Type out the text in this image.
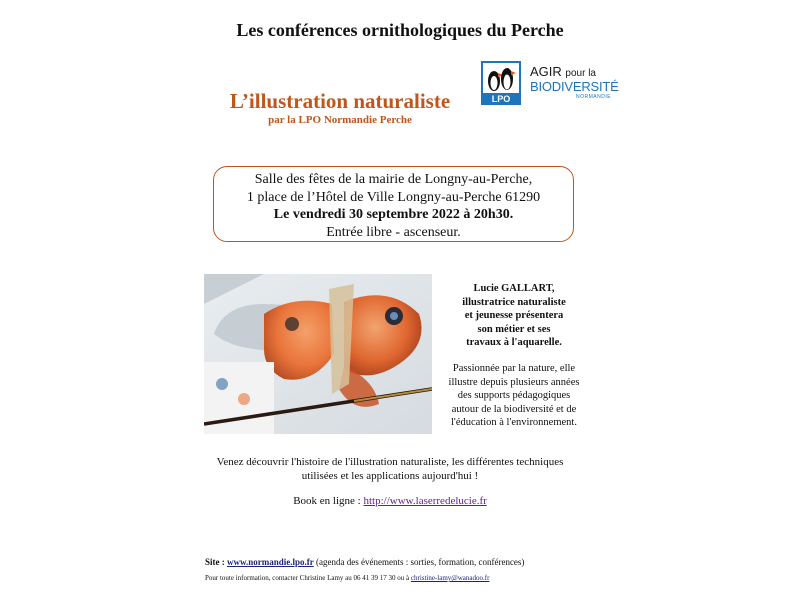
Les conférences ornithologiques du Perche
L’illustration naturaliste
par la LPO Normandie Perche
LPO
AGIR pour la
BIODIVERSITÉ
NORMANDIE
Salle des fêtes de la mairie de Longny-au-Perche,
1 place de l’Hôtel de Ville Longny-au-Perche 61290
Le vendredi 30 septembre 2022 à 20h30.
Entrée libre - ascenseur.
Lucie GALLART,
illustratrice naturaliste
et jeunesse présentera
son métier et ses
travaux à l'aquarelle.
Passionnée par la nature, elle
illustre depuis plusieurs années
des supports pédagogiques
autour de la biodiversité et de
l'éducation à l'environnement.
Venez découvrir l'histoire de l'illustration naturaliste, les différentes techniques
utilisées et les applications aujourd'hui !
Book en ligne : http://www.laserredelucie.fr
Site : www.normandie.lpo.fr (agenda des événements : sorties, formation, conférences)
Pour toute information, contacter Christine Lamy au 06 41 39 17 30 ou à christine-lamy@wanadoo.fr
